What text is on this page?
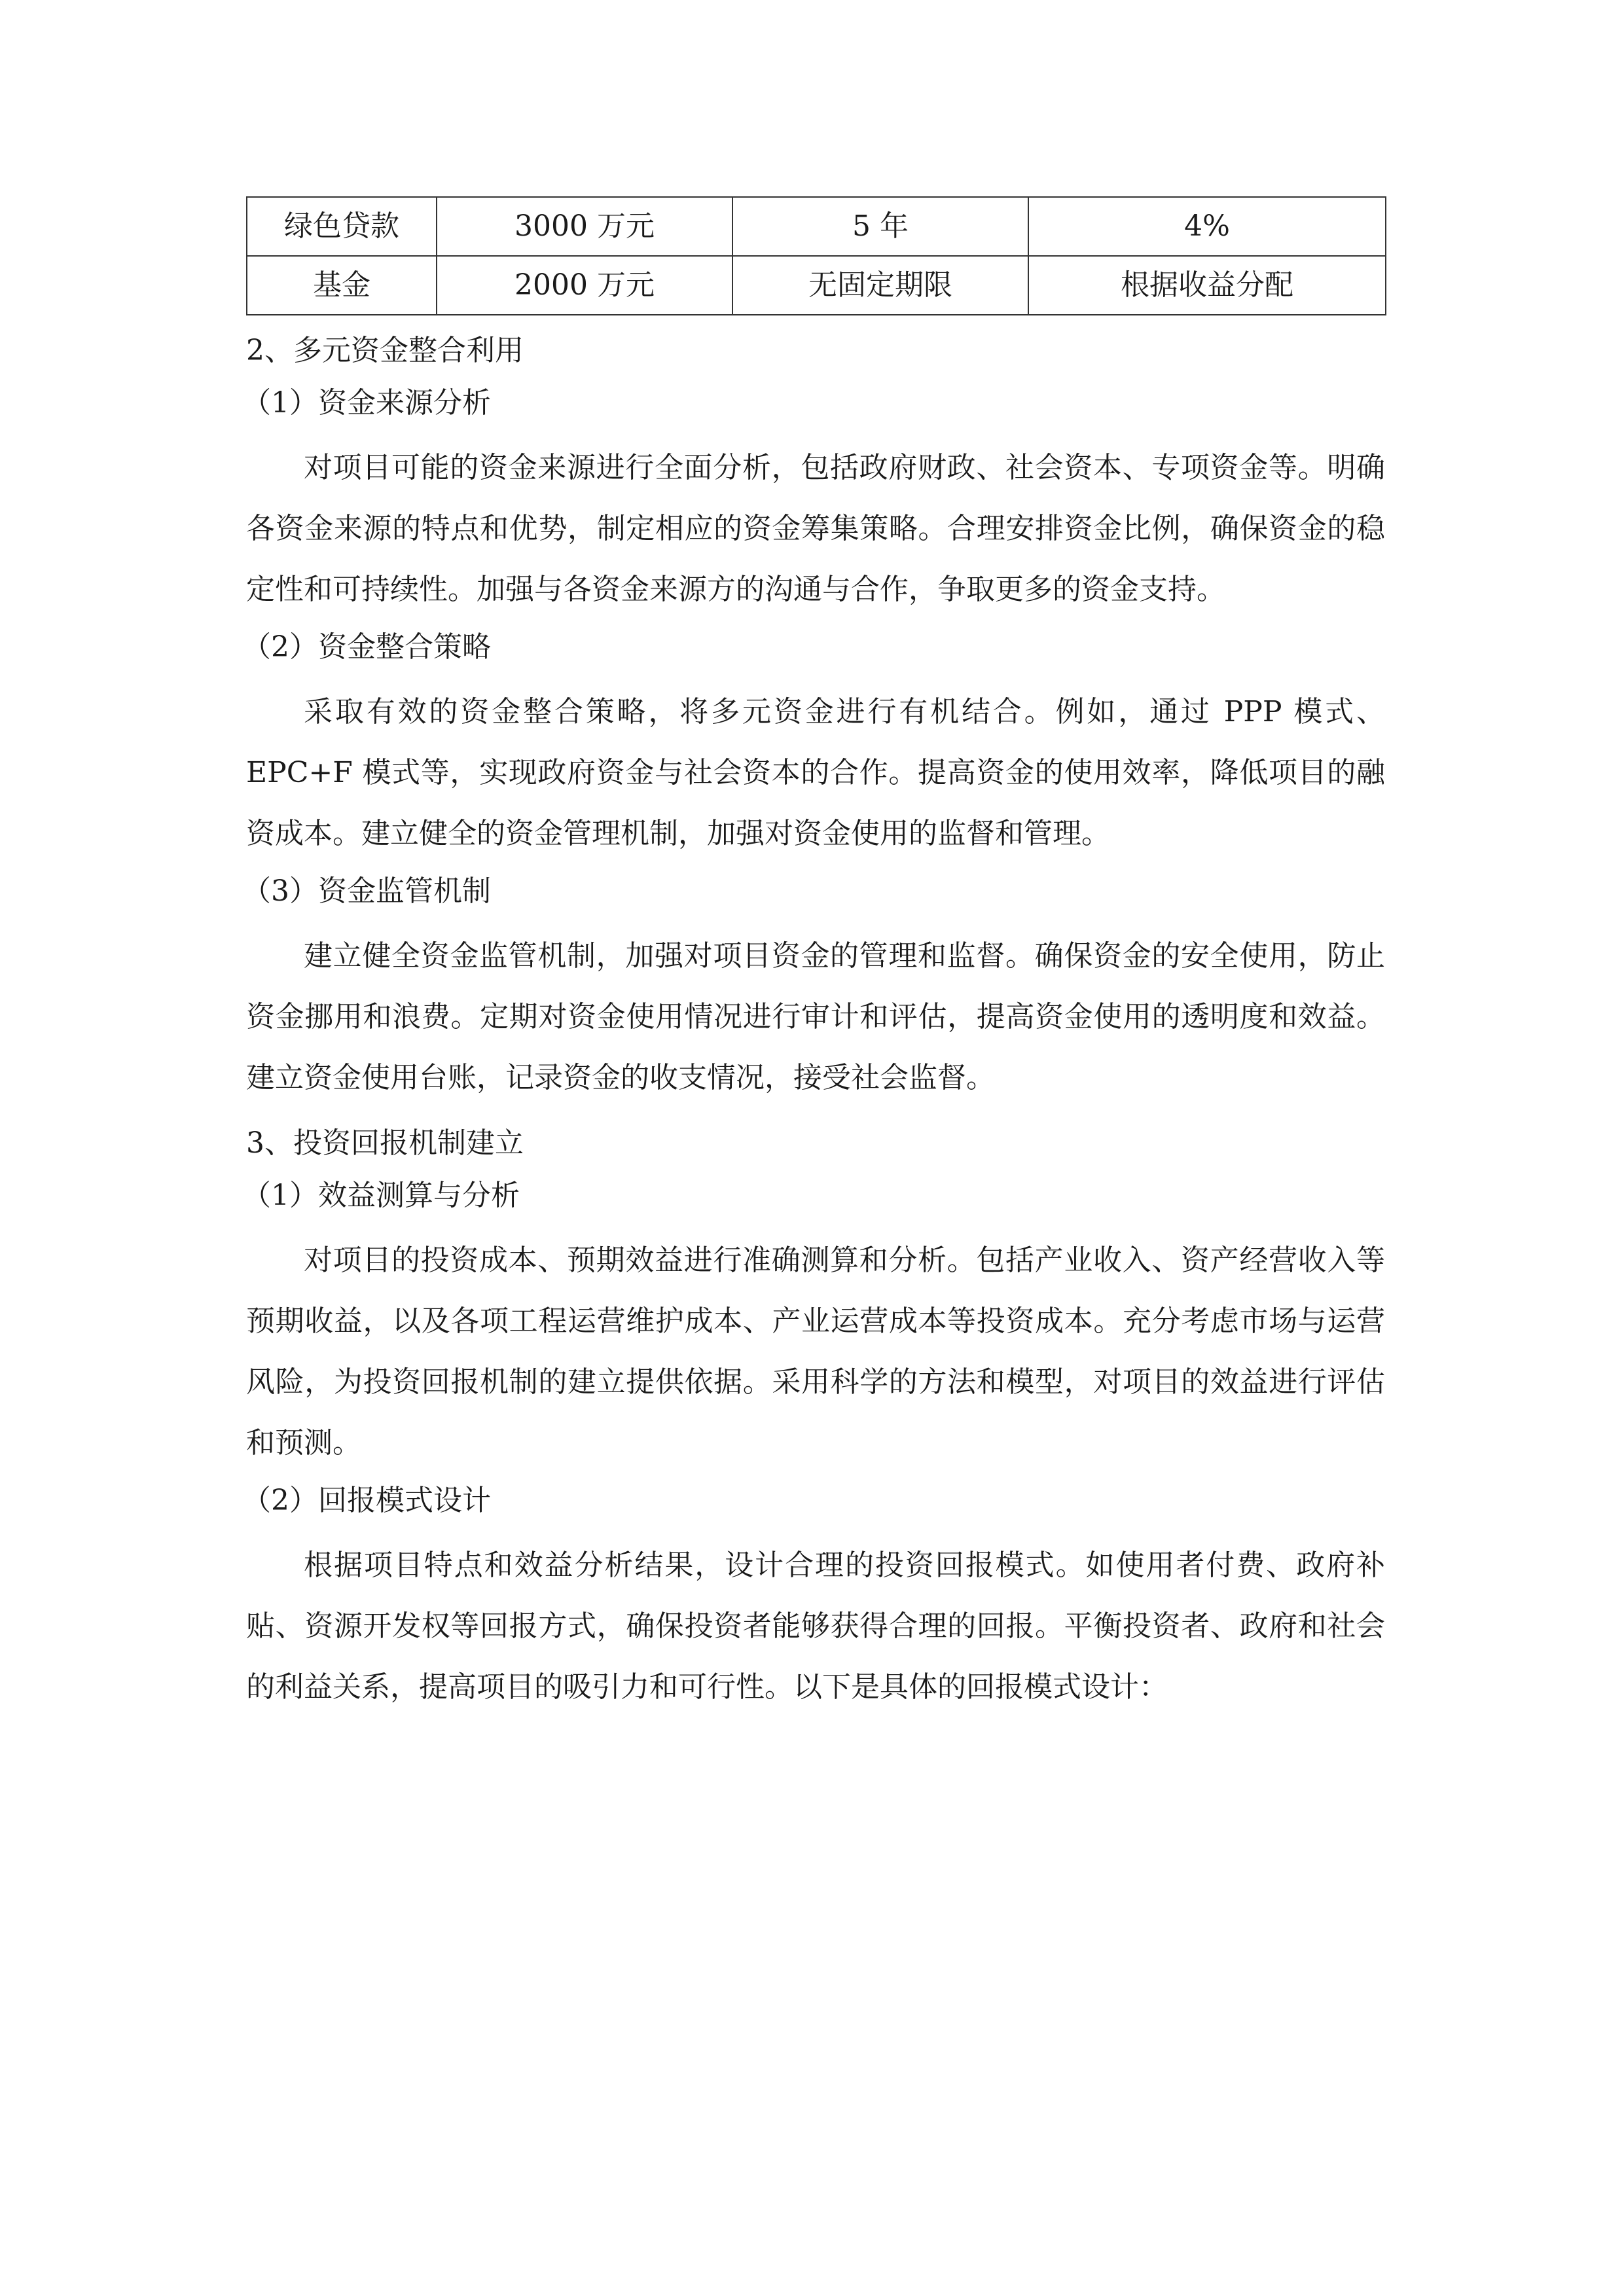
绿色贷款	3000 万元	5 年	4%
基金	2000 万元	无固定期限	根据收益分配
2、多元资金整合利用
（1）资金来源分析

对项目可能的资金来源进行全面分析，包括政府财政、社会资本、专项资金等。明确各资金来源的特点和优势，制定相应的资金筹集策略。合理安排资金比例，确保资金的稳定性和可持续性。加强与各资金来源方的沟通与合作，争取更多的资金支持。

（2）资金整合策略

采取有效的资金整合策略，将多元资金进行有机结合。例如，通过 PPP 模式、EPC+F 模式等，实现政府资金与社会资本的合作。提高资金的使用效率，降低项目的融资成本。建立健全的资金管理机制，加强对资金使用的监督和管理。

（3）资金监管机制

建立健全资金监管机制，加强对项目资金的管理和监督。确保资金的安全使用，防止资金挪用和浪费。定期对资金使用情况进行审计和评估，提高资金使用的透明度和效益。建立资金使用台账，记录资金的收支情况，接受社会监督。

3、投资回报机制建立
（1）效益测算与分析

对项目的投资成本、预期效益进行准确测算和分析。包括产业收入、资产经营收入等预期收益，以及各项工程运营维护成本、产业运营成本等投资成本。充分考虑市场与运营风险，为投资回报机制的建立提供依据。采用科学的方法和模型，对项目的效益进行评估和预测。

（2）回报模式设计

根据项目特点和效益分析结果，设计合理的投资回报模式。如使用者付费、政府补贴、资源开发权等回报方式，确保投资者能够获得合理的回报。平衡投资者、政府和社会的利益关系，提高项目的吸引力和可行性。以下是具体的回报模式设计：
